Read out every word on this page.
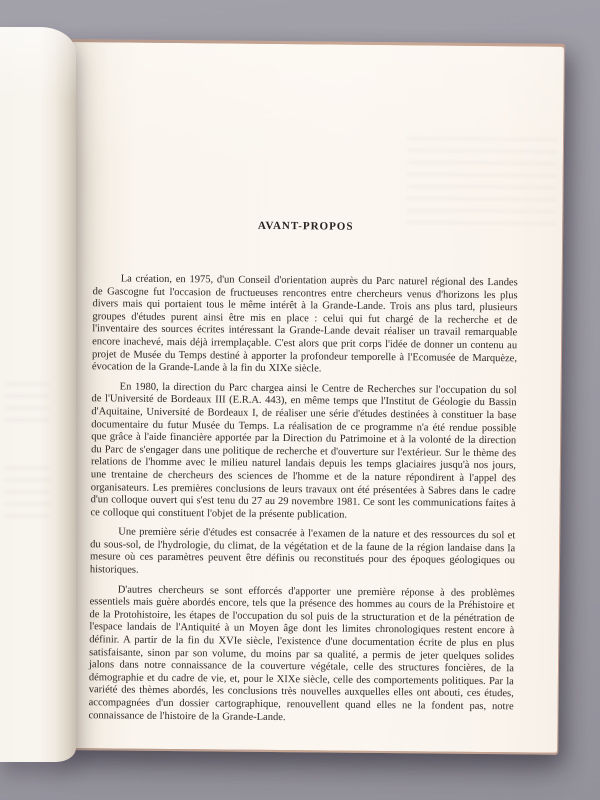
AVANT-PROPOS

La création, en 1975, d'un Conseil d'orientation auprès du Parc naturel régional des Landes de Gascogne fut l'occasion de fructueuses rencontres entre chercheurs venus d'horizons les plus divers mais qui portaient tous le même intérêt à la Grande-Lande. Trois ans plus tard, plusieurs groupes d'études purent ainsi être mis en place : celui qui fut chargé de la recherche et de l'inventaire des sources écrites intéressant la Grande-Lande devait réaliser un travail remarquable encore inachevé, mais déjà irremplaçable. C'est alors que prit corps l'idée de donner un contenu au projet de Musée du Temps destiné à apporter la profondeur temporelle à l'Ecomusée de Marquèze, évocation de la Grande-Lande à la fin du XIXe siècle.

En 1980, la direction du Parc chargea ainsi le Centre de Recherches sur l'occupation du sol de l'Université de Bordeaux III (E.R.A. 443), en même temps que l'Institut de Géologie du Bassin d'Aquitaine, Université de Bordeaux I, de réaliser une série d'études destinées à constituer la base documentaire du futur Musée du Temps. La réalisation de ce programme n'a été rendue possible que grâce à l'aide financière apportée par la Direction du Patrimoine et à la volonté de la direction du Parc de s'engager dans une politique de recherche et d'ouverture sur l'extérieur. Sur le thème des relations de l'homme avec le milieu naturel landais depuis les temps glaciaires jusqu'à nos jours, une trentaine de chercheurs des sciences de l'homme et de la nature répondirent à l'appel des organisateurs. Les premières conclusions de leurs travaux ont été présentées à Sabres dans le cadre d'un colloque ouvert qui s'est tenu du 27 au 29 novembre 1981. Ce sont les communications faites à ce colloque qui constituent l'objet de la présente publication.

Une première série d'études est consacrée à l'examen de la nature et des ressources du sol et du sous-sol, de l'hydrologie, du climat, de la végétation et de la faune de la région landaise dans la mesure où ces paramètres peuvent être définis ou reconstitués pour des époques géologiques ou historiques.

D'autres chercheurs se sont efforcés d'apporter une première réponse à des problèmes essentiels mais guère abordés encore, tels que la présence des hommes au cours de la Préhistoire et de la Protohistoire, les étapes de l'occupation du sol puis de la structuration et de la pénétration de l'espace landais de l'Antiquité à un Moyen âge dont les limites chronologiques restent encore à définir. A partir de la fin du XVIe siècle, l'existence d'une documentation écrite de plus en plus satisfaisante, sinon par son volume, du moins par sa qualité, a permis de jeter quelques solides jalons dans notre connaissance de la couverture végétale, celle des structures foncières, de la démographie et du cadre de vie, et, pour le XIXe siècle, celle des comportements politiques. Par la variété des thèmes abordés, les conclusions très nouvelles auxquelles elles ont abouti, ces études, accompagnées d'un dossier cartographique, renouvellent quand elles ne la fondent pas, notre connaissance de l'histoire de la Grande-Lande.
